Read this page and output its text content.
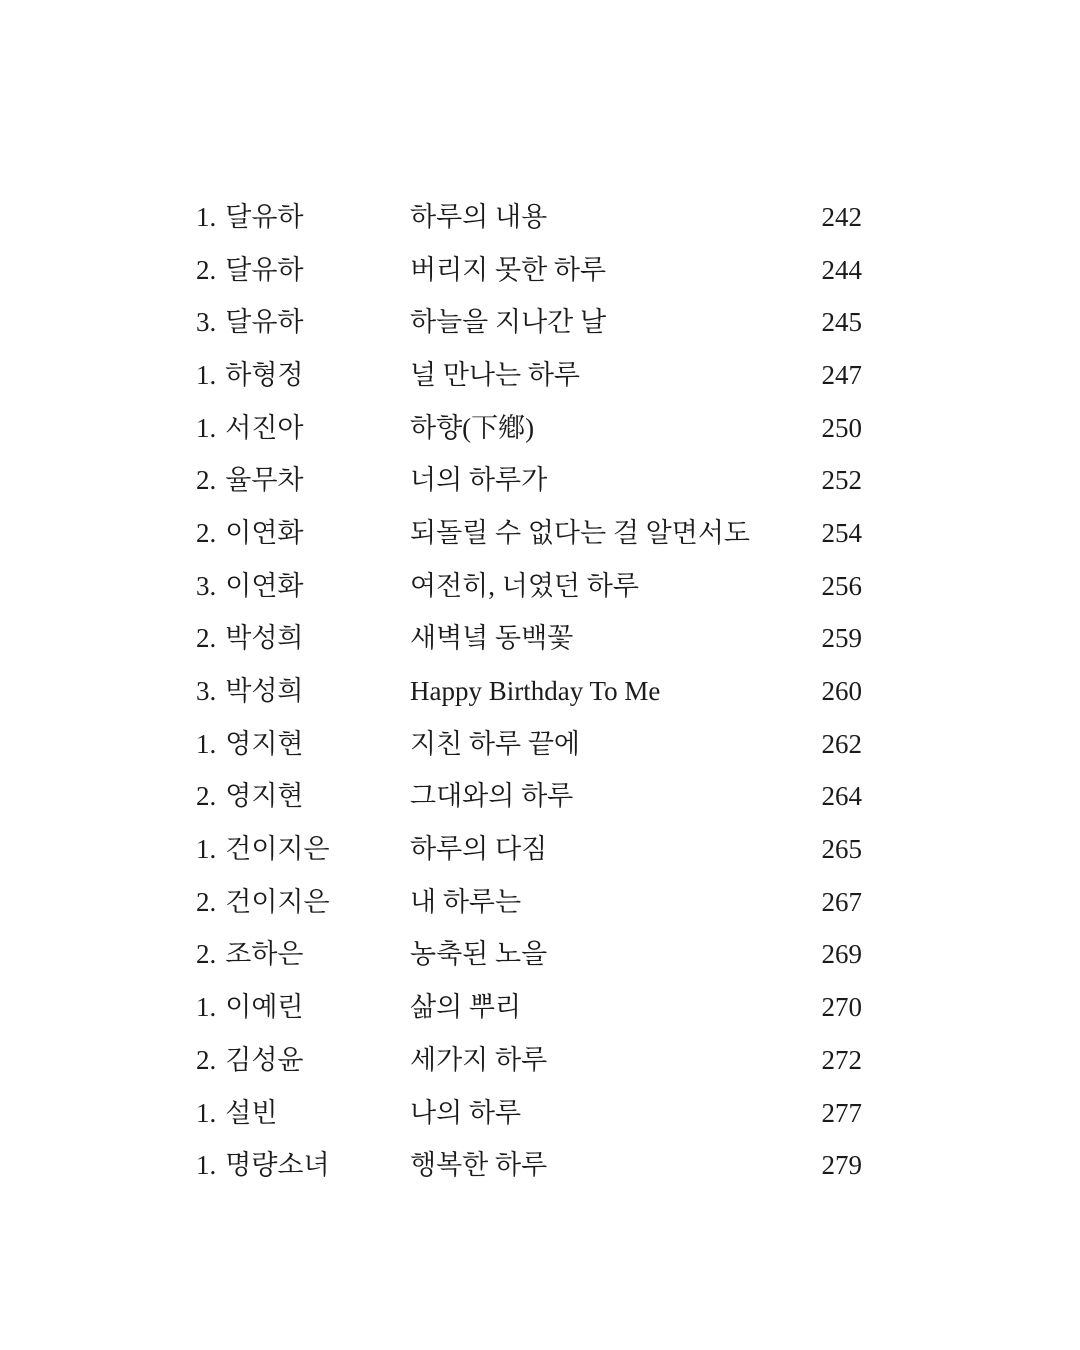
1. 달유하	하루의 내용	242
2. 달유하	버리지 못한 하루	244
3. 달유하	하늘을 지나간 날	245
1. 하형정	널 만나는 하루	247
1. 서진아	하향(下鄕)	250
2. 율무차	너의 하루가	252
2. 이연화	되돌릴 수 없다는 걸 알면서도	254
3. 이연화	여전히, 너였던 하루	256
2. 박성희	새벽녘 동백꽃	259
3. 박성희	Happy Birthday To Me	260
1. 영지현	지친 하루 끝에	262
2. 영지현	그대와의 하루	264
1. 건이지은	하루의 다짐	265
2. 건이지은	내 하루는	267
2. 조하은	농축된 노을	269
1. 이예린	삶의 뿌리	270
2. 김성윤	세가지 하루	272
1. 설빈	나의 하루	277
1. 명량소녀	행복한 하루	279
